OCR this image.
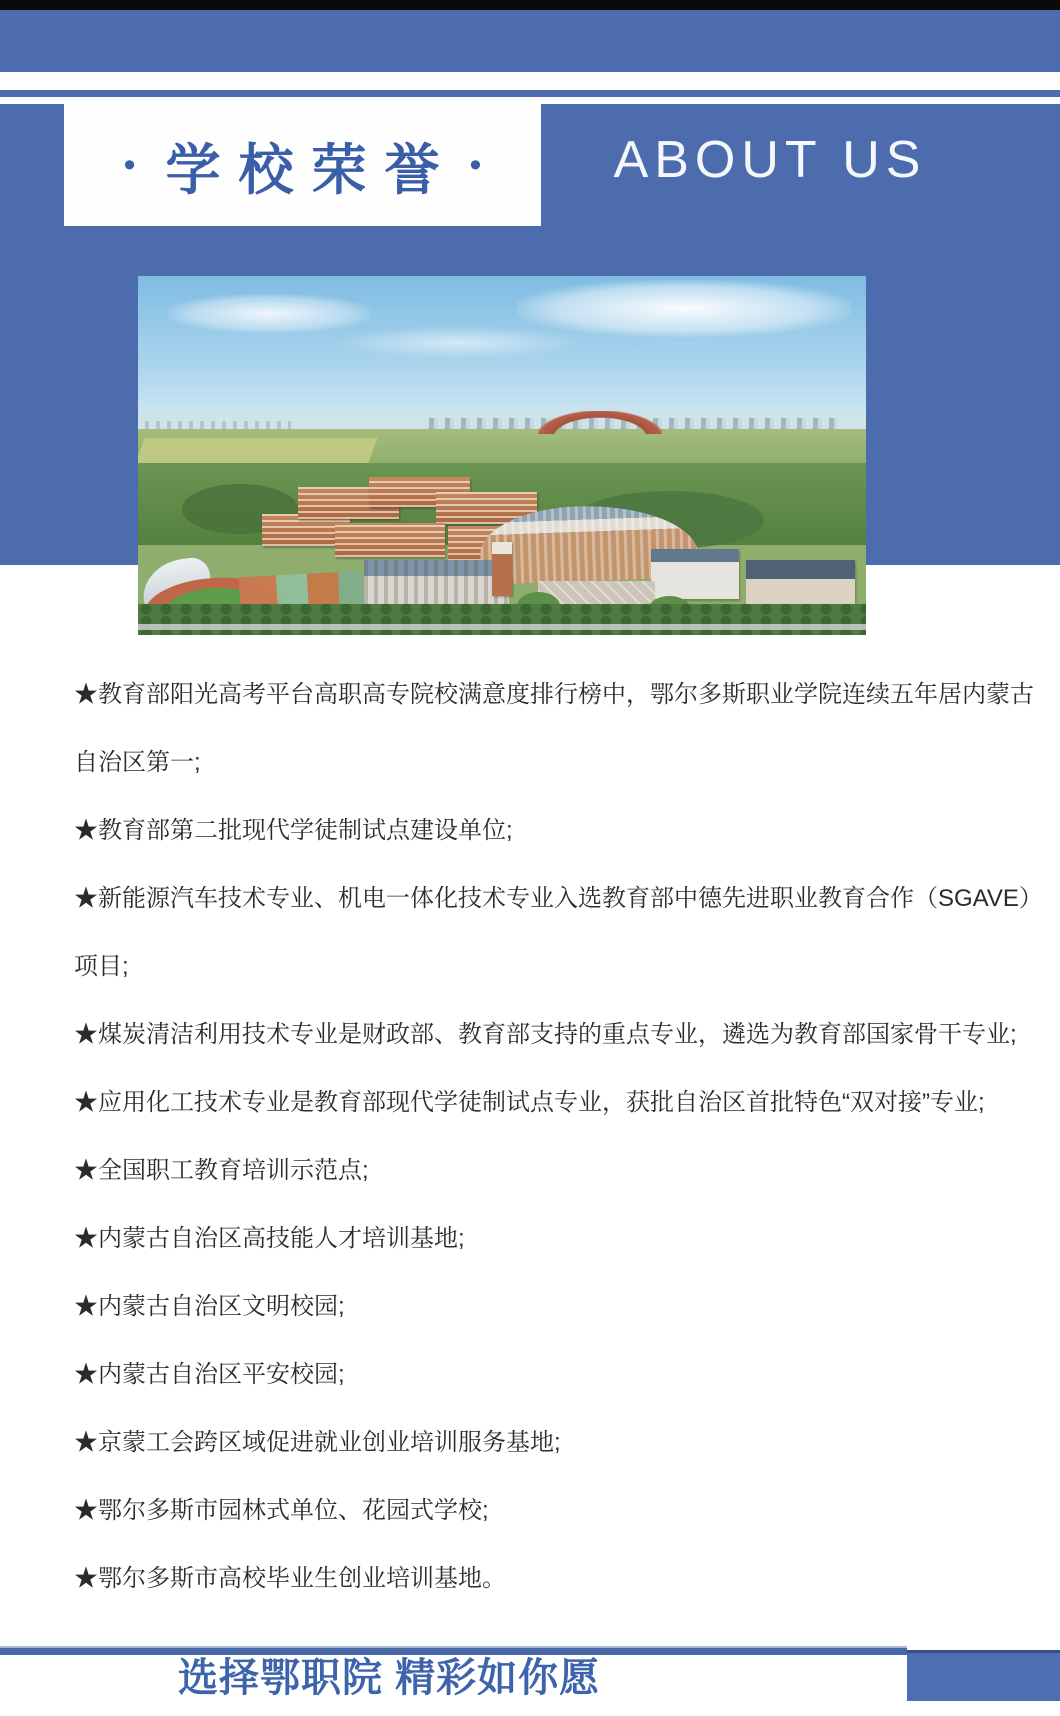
• 学校荣誉 •	ABOUT US
★教育部阳光高考平台高职高专院校满意度排行榜中，鄂尔多斯职业学院连续五年居内蒙古
自治区第一;
★教育部第二批现代学徒制试点建设单位;
★新能源汽车技术专业、机电一体化技术专业入选教育部中德先进职业教育合作（SGAVE）
项目;
★煤炭清洁利用技术专业是财政部、教育部支持的重点专业，遴选为教育部国家骨干专业;
★应用化工技术专业是教育部现代学徒制试点专业，获批自治区首批特色“双对接”专业;
★全国职工教育培训示范点;
★内蒙古自治区高技能人才培训基地;
★内蒙古自治区文明校园;
★内蒙古自治区平安校园;
★京蒙工会跨区域促进就业创业培训服务基地;
★鄂尔多斯市园林式单位、花园式学校;
★鄂尔多斯市高校毕业生创业培训基地。
选择鄂职院 精彩如你愿
